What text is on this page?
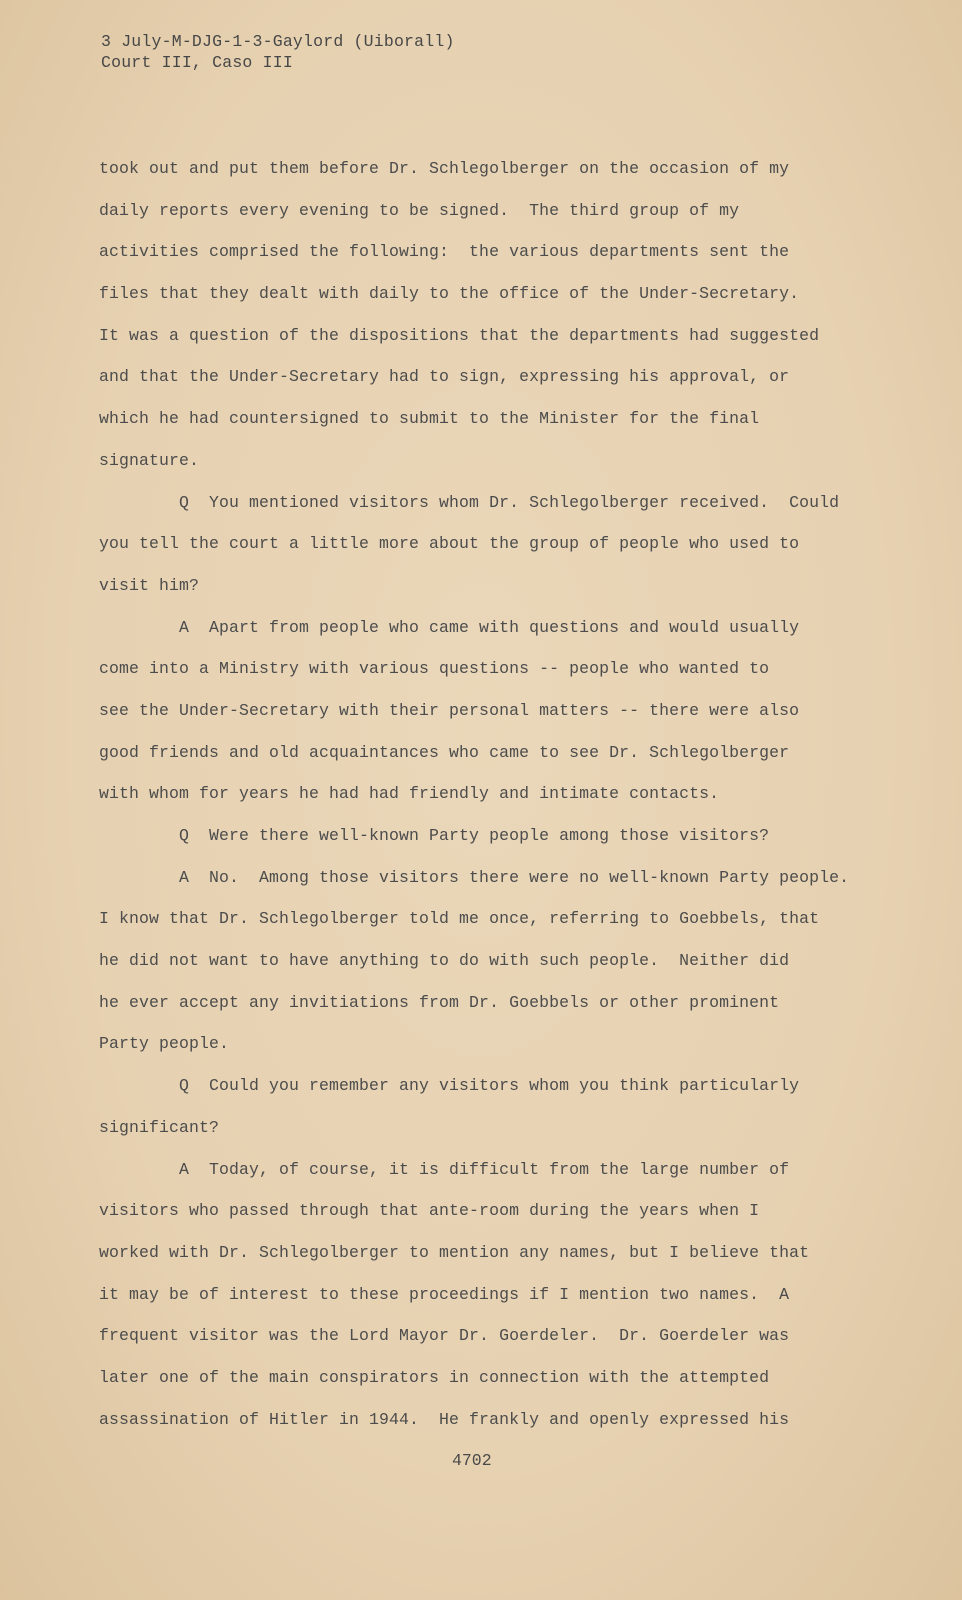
3 July-M-DJG-1-3-Gaylord (Uiborall)
Court III, Caso III
took out and put them before Dr. Schlegolberger on the occasion of my
daily reports every evening to be signed.  The third group of my
activities comprised the following:  the various departments sent the
files that they dealt with daily to the office of the Under-Secretary.
It was a question of the dispositions that the departments had suggested
and that the Under-Secretary had to sign, expressing his approval, or
which he had countersigned to submit to the Minister for the final
signature.
Q  You mentioned visitors whom Dr. Schlegolberger received.  Could
you tell the court a little more about the group of people who used to
visit him?
A  Apart from people who came with questions and would usually
come into a Ministry with various questions -- people who wanted to
see the Under-Secretary with their personal matters -- there were also
good friends and old acquaintances who came to see Dr. Schlegolberger
with whom for years he had had friendly and intimate contacts.
Q  Were there well-known Party people among those visitors?
A  No.  Among those visitors there were no well-known Party people.
I know that Dr. Schlegolberger told me once, referring to Goebbels, that
he did not want to have anything to do with such people.  Neither did
he ever accept any invitiations from Dr. Goebbels or other prominent
Party people.
Q  Could you remember any visitors whom you think particularly
significant?
A  Today, of course, it is difficult from the large number of
visitors who passed through that ante-room during the years when I
worked with Dr. Schlegolberger to mention any names, but I believe that
it may be of interest to these proceedings if I mention two names.  A
frequent visitor was the Lord Mayor Dr. Goerdeler.  Dr. Goerdeler was
later one of the main conspirators in connection with the attempted
assassination of Hitler in 1944.  He frankly and openly expressed his
4702
